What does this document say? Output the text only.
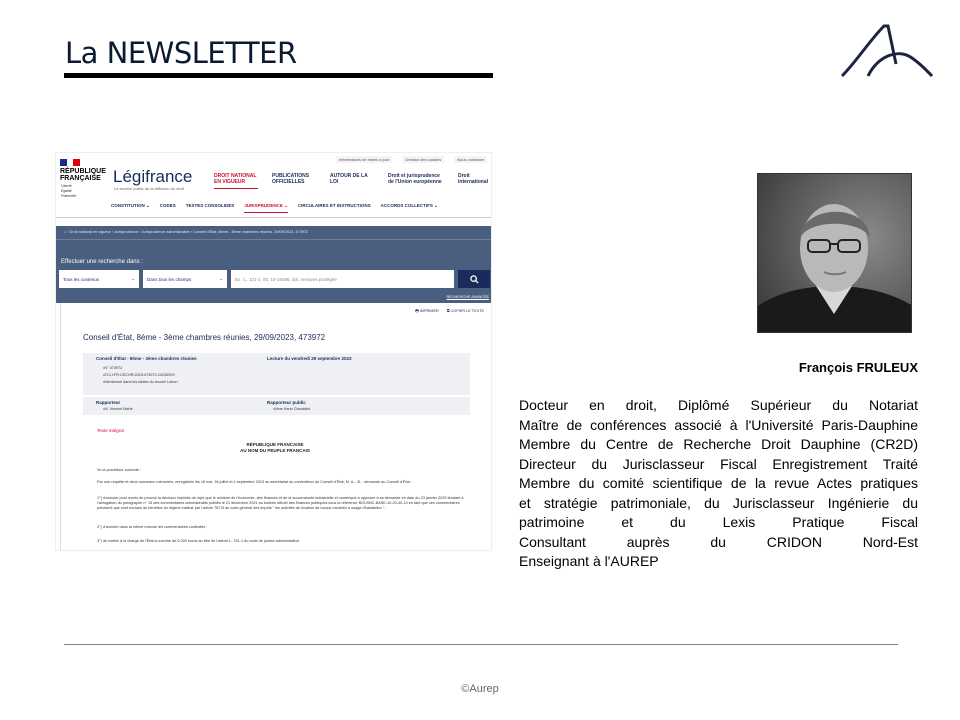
La NEWSLETTER
Informations de mises à jour	Gestion des cookies	Nous contacter
RÉPUBLIQUE
FRANÇAISE
Liberté
Égalité
Fraternité
Légifrance
Le service public de la diffusion du droit
DROIT NATIONAL EN VIGUEUR
PUBLICATIONS OFFICIELLES
AUTOUR DE LA LOI
Droit et jurisprudence de l'Union européenne
Droit international
CONSTITUTION ⌄ CODES TEXTES CONSOLIDÉS JURISPRUDENCE ⌄ CIRCULAIRES ET INSTRUCTIONS ACCORDS COLLECTIFS ⌄
⌂ › Droit national en vigueur › Jurisprudence › Jurisprudence administrative › Conseil d'État, 8ème - 3ème chambres réunies, 29/09/2023, 473972
Effectuer une recherche dans :
Tous les contenus	⌄	Dans tous les champs	⌄	Ex : L. 121-1, 00, 10-15096, dol, mesures protégée
RECHERCHE AVANCÉE
🖶 IMPRIMER ⧉ COPIER LE TEXTE
Conseil d'État, 8ème - 3ème chambres réunies, 29/09/2023, 473972
Conseil d'État - 8ème - 3ème chambres réunies	Lecture du vendredi 29 septembre 2023
• N° 473972
• ECLI:FR:CECHR:2023:473972.20230929
• Mentionné dans les tables du recueil Lebon
Rapporteur	Rapporteur public
• M. Vincent Mahé
•	Mme Karin Ciavaldini
Texte intégral
RÉPUBLIQUE FRANCAISE
AU NOM DU PEUPLE FRANCAIS
Vu la procédure suivante :
Par une requête et deux nouveaux mémoires, enregistrés les 16 mai, 26 juillet et 4 septembre 2023 au secrétariat du contentieux du Conseil d'État, M. A... B... demande au Conseil d'État :
1°) d'annuler pour excès de pouvoir la décision implicite de rejet que le ministre de l'économie, des finances et de la souveraineté industrielle et numérique a opposée à sa demande en date du 23 janvier 2023 tendant à l'abrogation du paragraphe n° 15 des commentaires administratifs publiés le 21 décembre 2021 au bulletin officiel des finances publiques sous la référence BOI-BNC-BASE-10-20-40-10 en tant que ces commentaires précisent que sont exclues du bénéfice du régime institué par l'article 787 B du code général des impôts " les activités de location de locaux meublés à usage d'habitation " ;
2°) d'annuler dans la même mesure les commentaires contestés ;
3°) de mettre à la charge de l'État la somme de 5 000 euros au titre de l'article L. 761-1 du code de justice administrative.
François FRULEUX

Docteur en droit, Diplômé Supérieur du Notariat

Maître de conférences associé à l'Université Paris-Dauphine

Membre du Centre de Recherche Droit Dauphine (CR2D)

Directeur du Jurisclasseur Fiscal Enregistrement Traité

Membre du comité scientifique de la revue Actes pratiques

et stratégie patrimoniale, du Jurisclasseur Ingénierie du

patrimoine et du Lexis Pratique Fiscal

Consultant auprès du CRIDON Nord-Est

Enseignant à l'AUREP

©Aurep
